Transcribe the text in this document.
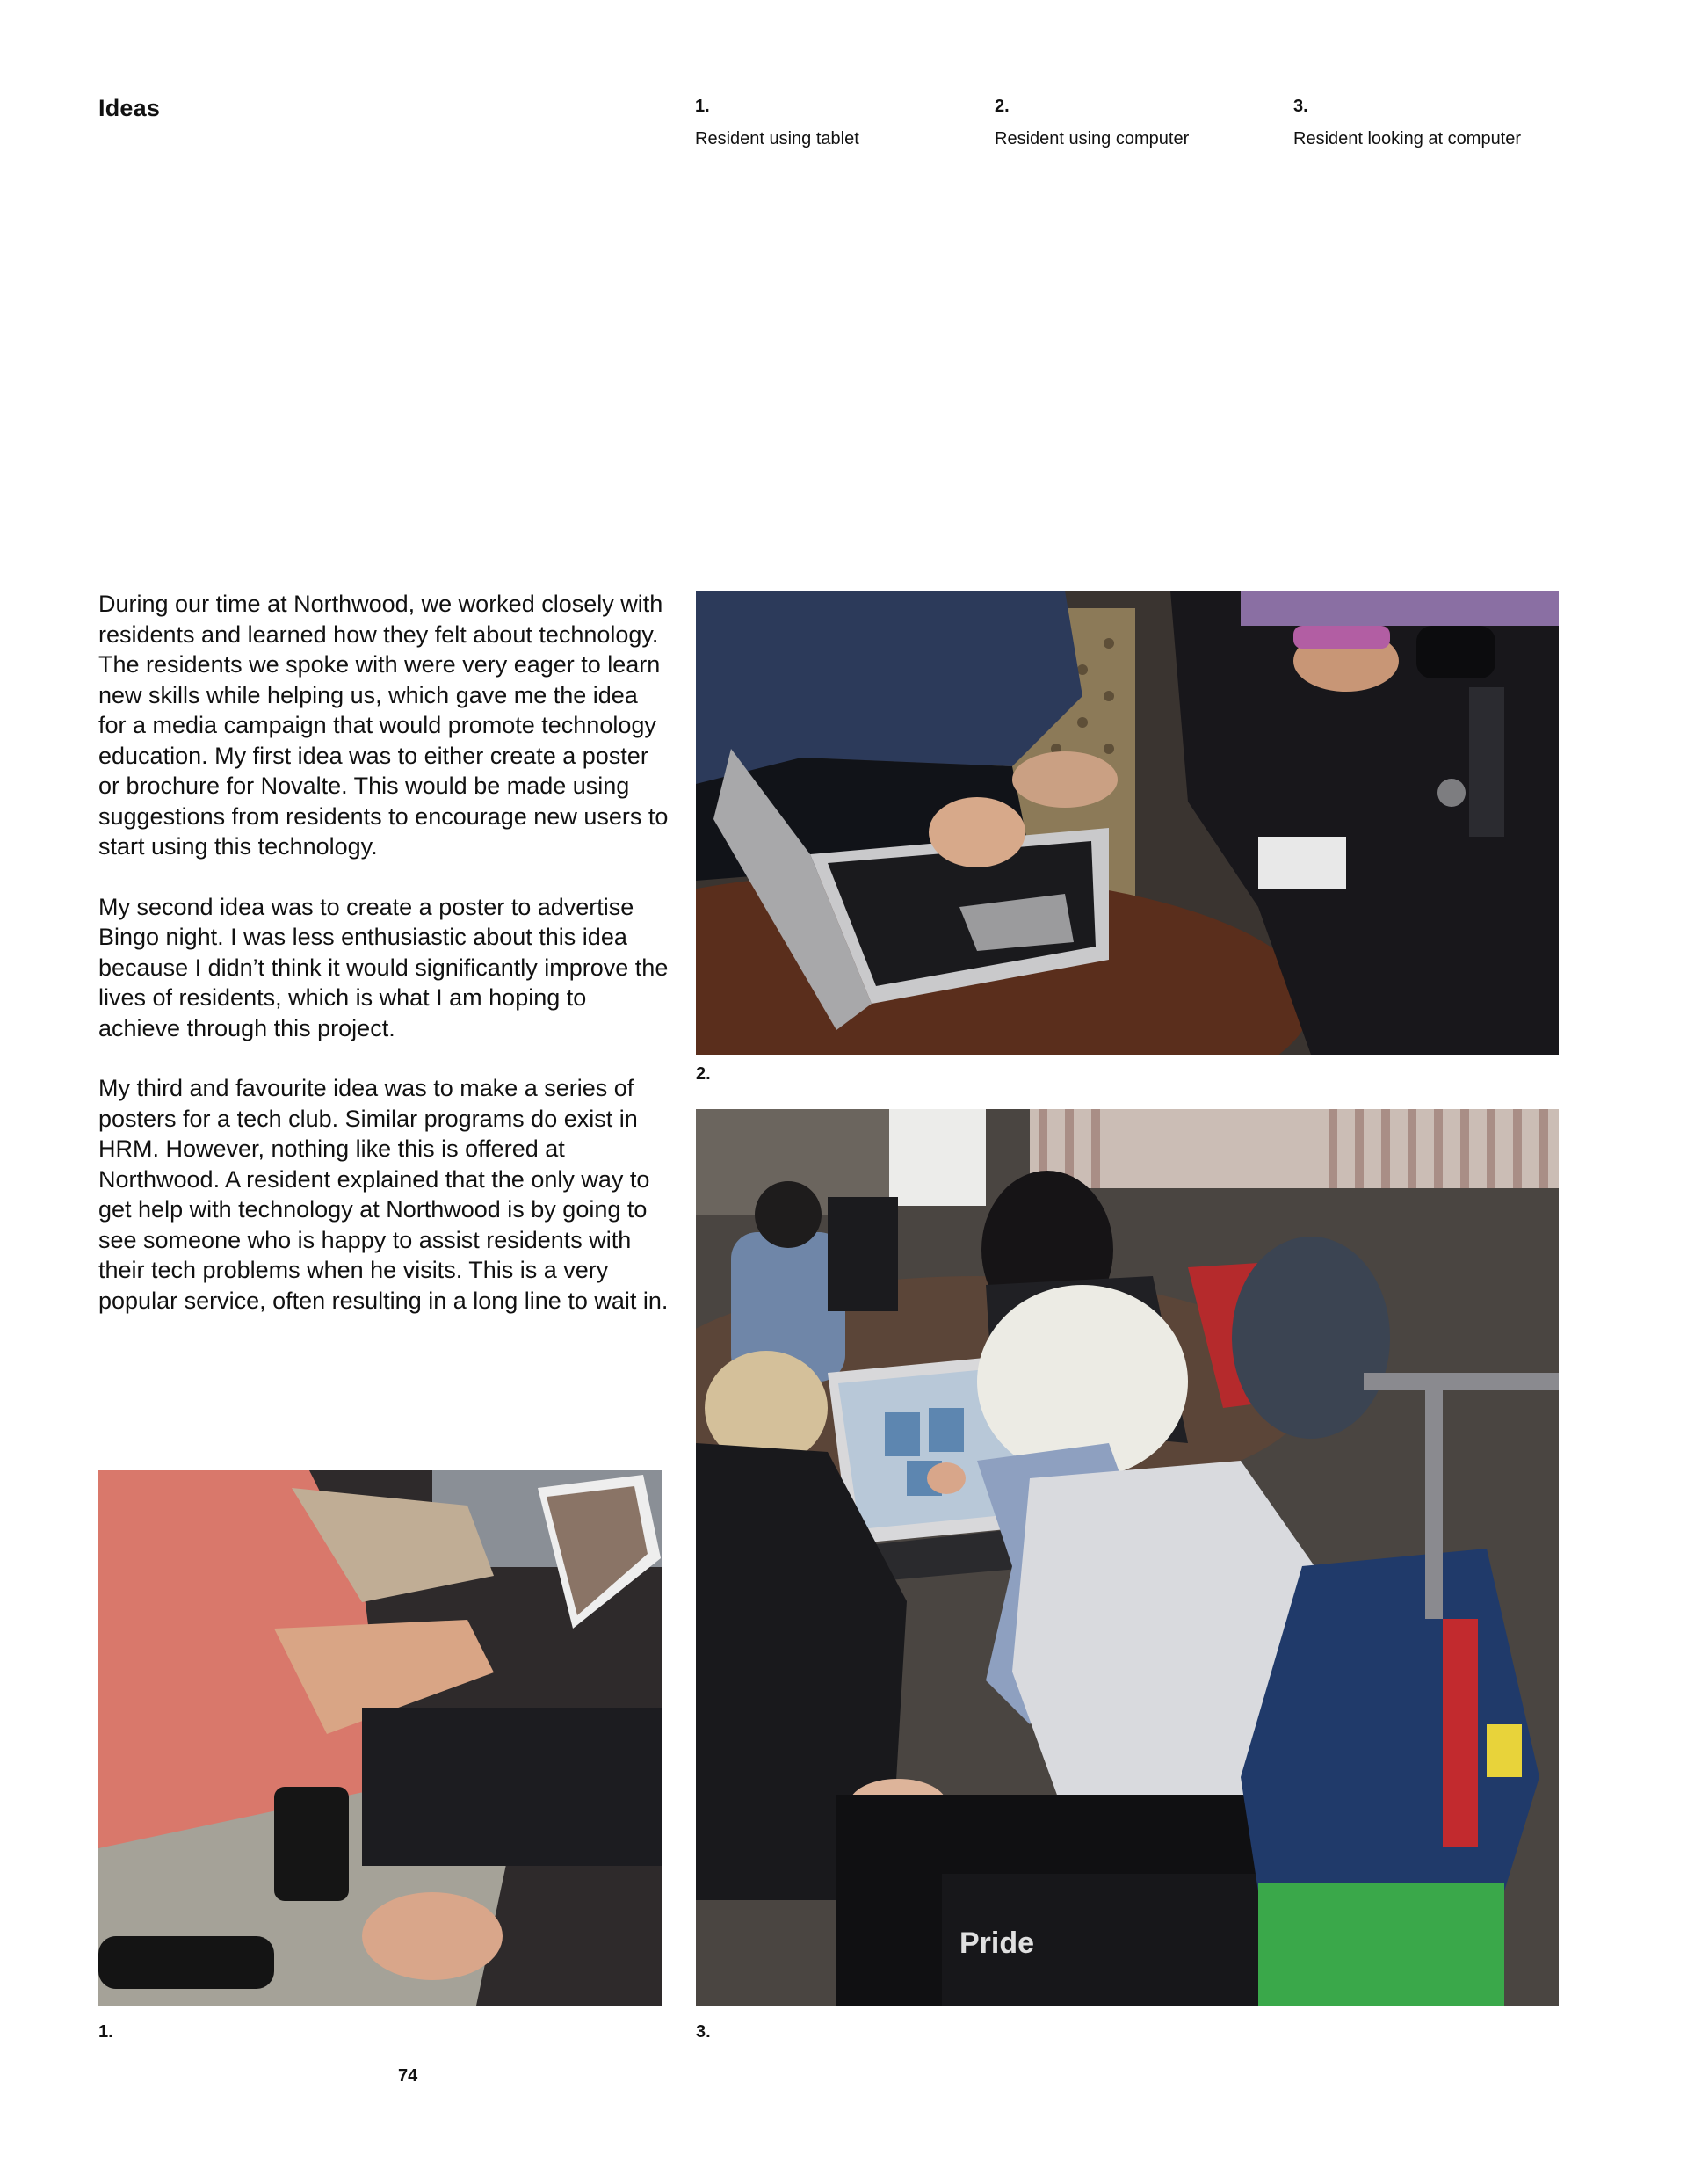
Ideas	1.
Resident using tablet
2.
Resident using computer
3.
Resident looking at computer

During our time at Northwood, we worked closely with residents and learned how they felt about technology. The residents we spoke with were very eager to learn new skills while helping us, which gave me the idea for a media campaign that would promote technology education. My first idea was to either create a poster or brochure for Novalte. This would be made using suggestions from residents to encourage new users to start using this technology.

My second idea was to create a poster to advertise Bingo night. I was less enthusiastic about this idea because I didn’t think it would significantly improve the lives of residents, which is what I am hoping to achieve through this project.

My third and favourite idea was to make a series of posters for a tech club. Similar programs do exist in HRM. However, nothing like this is offered at Northwood. A resident explained that the only way to get help with technology at Northwood is by going to see someone who is happy to assist residents with their tech problems when he visits. This is a very popular service, often resulting in a long line to wait in.

2.
Pride
3.
1.
74
